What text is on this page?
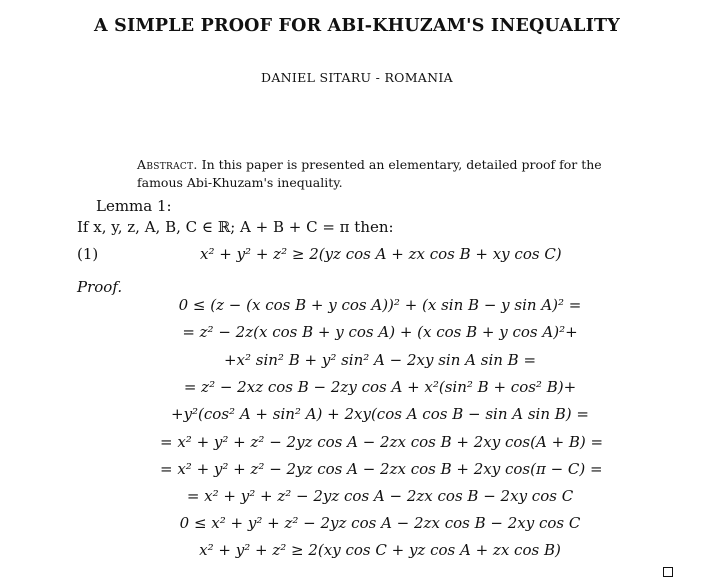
A SIMPLE PROOF FOR ABI-KHUZAM'S INEQUALITY
DANIEL SITARU - ROMANIA
Abstract. In this paper is presented an elementary, detailed proof for the famous Abi-Khuzam's inequality.
Lemma 1:
If x, y, z, A, B, C ∈ ℝ; A + B + C = π then:
(1)	x² + y² + z² ≥ 2(yz cos A + zx cos B + xy cos C)
Proof.
0 ≤ (z − (x cos B + y cos A))² + (x sin B − y sin A)² =
= z² − 2z(x cos B + y cos A) + (x cos B + y cos A)²+
+x² sin² B + y² sin² A − 2xy sin A sin B =
= z² − 2xz cos B − 2zy cos A + x²(sin² B + cos² B)+
+y²(cos² A + sin² A) + 2xy(cos A cos B − sin A sin B) =
= x² + y² + z² − 2yz cos A − 2zx cos B + 2xy cos(A + B) =
= x² + y² + z² − 2yz cos A − 2zx cos B + 2xy cos(π − C) =
= x² + y² + z² − 2yz cos A − 2zx cos B − 2xy cos C
0 ≤ x² + y² + z² − 2yz cos A − 2zx cos B − 2xy cos C
x² + y² + z² ≥ 2(xy cos C + yz cos A + zx cos B)
